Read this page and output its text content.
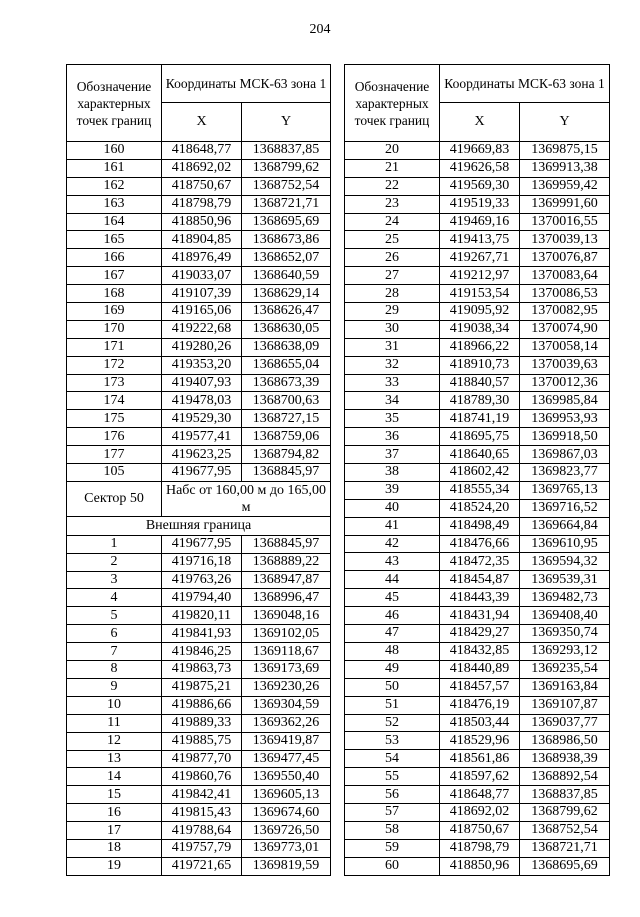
204
Обозначение характерных точек границ	Координаты МСК-63 зона 1	
	X	Y
160	418648,77	1368837,85
161	418692,02	1368799,62
162	418750,67	1368752,54
163	418798,79	1368721,71
164	418850,96	1368695,69
165	418904,85	1368673,86
166	418976,49	1368652,07
167	419033,07	1368640,59
168	419107,39	1368629,14
169	419165,06	1368626,47
170	419222,68	1368630,05
171	419280,26	1368638,09
172	419353,20	1368655,04
173	419407,93	1368673,39
174	419478,03	1368700,63
175	419529,30	1368727,15
176	419577,41	1368759,06
177	419623,25	1368794,82
105	419677,95	1368845,97
Сектор 50	Набс от 160,00 м до 165,00 м	
Внешняя граница		
1	419677,95	1368845,97
2	419716,18	1368889,22
3	419763,26	1368947,87
4	419794,40	1368996,47
5	419820,11	1369048,16
6	419841,93	1369102,05
7	419846,25	1369118,67
8	419863,73	1369173,69
9	419875,21	1369230,26
10	419886,66	1369304,59
11	419889,33	1369362,26
12	419885,75	1369419,87
13	419877,70	1369477,45
14	419860,76	1369550,40
15	419842,41	1369605,13
16	419815,43	1369674,60
17	419788,64	1369726,50
18	419757,79	1369773,01
19	419721,65	1369819,59
Обозначение характерных точек границ	Координаты МСК-63 зона 1	
	X	Y
20	419669,83	1369875,15
21	419626,58	1369913,38
22	419569,30	1369959,42
23	419519,33	1369991,60
24	419469,16	1370016,55
25	419413,75	1370039,13
26	419267,71	1370076,87
27	419212,97	1370083,64
28	419153,54	1370086,53
29	419095,92	1370082,95
30	419038,34	1370074,90
31	418966,22	1370058,14
32	418910,73	1370039,63
33	418840,57	1370012,36
34	418789,30	1369985,84
35	418741,19	1369953,93
36	418695,75	1369918,50
37	418640,65	1369867,03
38	418602,42	1369823,77
39	418555,34	1369765,13
40	418524,20	1369716,52
41	418498,49	1369664,84
42	418476,66	1369610,95
43	418472,35	1369594,32
44	418454,87	1369539,31
45	418443,39	1369482,73
46	418431,94	1369408,40
47	418429,27	1369350,74
48	418432,85	1369293,12
49	418440,89	1369235,54
50	418457,57	1369163,84
51	418476,19	1369107,87
52	418503,44	1369037,77
53	418529,96	1368986,50
54	418561,86	1368938,39
55	418597,62	1368892,54
56	418648,77	1368837,85
57	418692,02	1368799,62
58	418750,67	1368752,54
59	418798,79	1368721,71
60	418850,96	1368695,69
